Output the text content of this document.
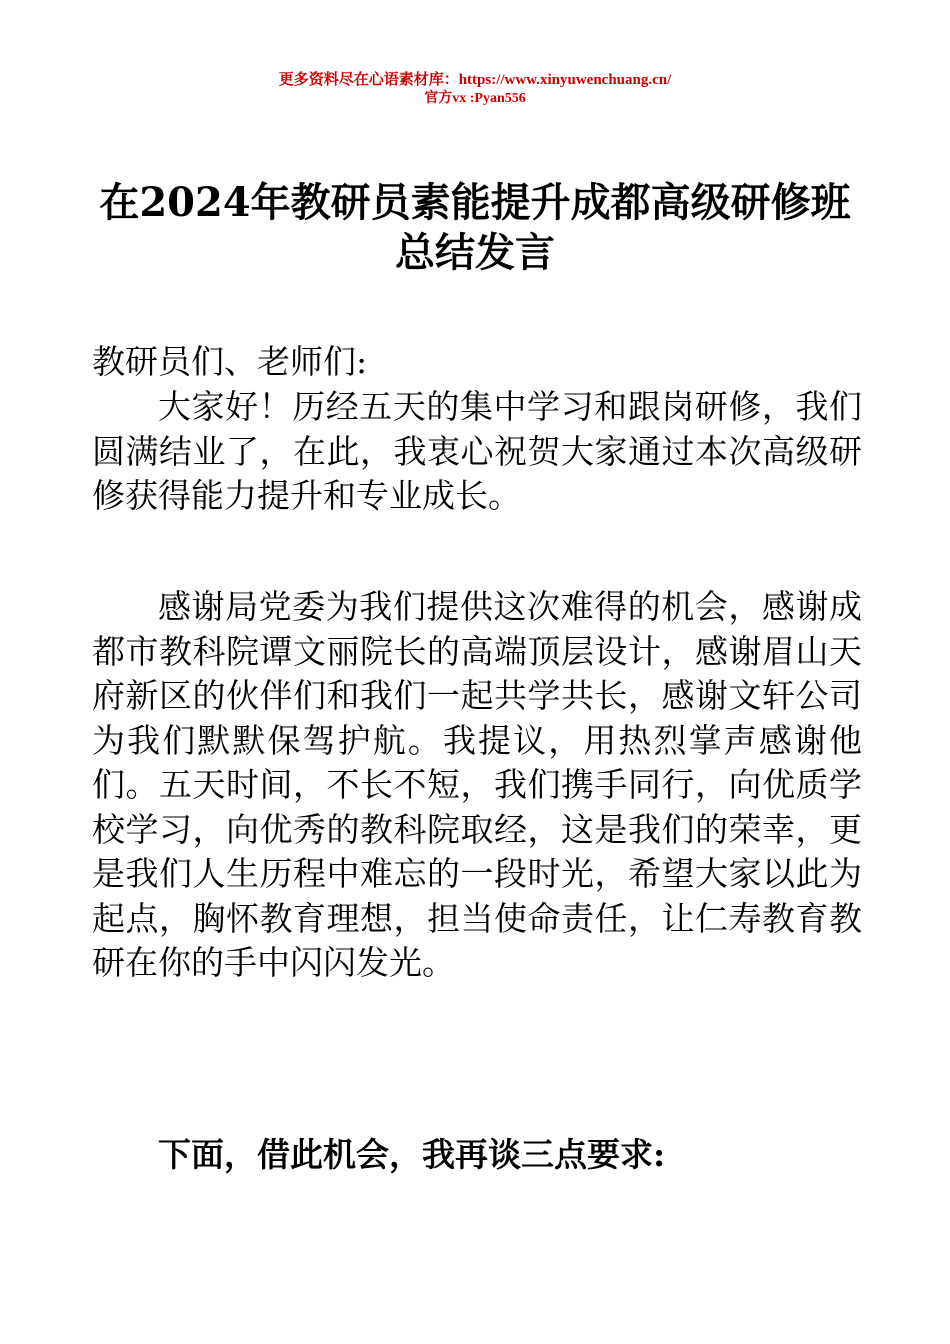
更多资料尽在心语素材库：https://www.xinyuwenchuang.cn/
官方vx :Pyan556
在2024年教研员素能提升成都高级研修班总结发言

教研员们、老师们:

大家好！历经五天的集中学习和跟岗研修，我们圆满结业了，在此，我衷心祝贺大家通过本次高级研修获得能力提升和专业成长。

感谢局党委为我们提供这次难得的机会，感谢成都市教科院谭文丽院长的高端顶层设计，感谢眉山天府新区的伙伴们和我们一起共学共长，感谢文轩公司为我们默默保驾护航。我提议，用热烈掌声感谢他们。五天时间，不长不短，我们携手同行，向优质学校学习，向优秀的教科院取经，这是我们的荣幸，更是我们人生历程中难忘的一段时光，希望大家以此为起点，胸怀教育理想，担当使命责任，让仁寿教育教研在你的手中闪闪发光。

下面，借此机会，我再谈三点要求:
